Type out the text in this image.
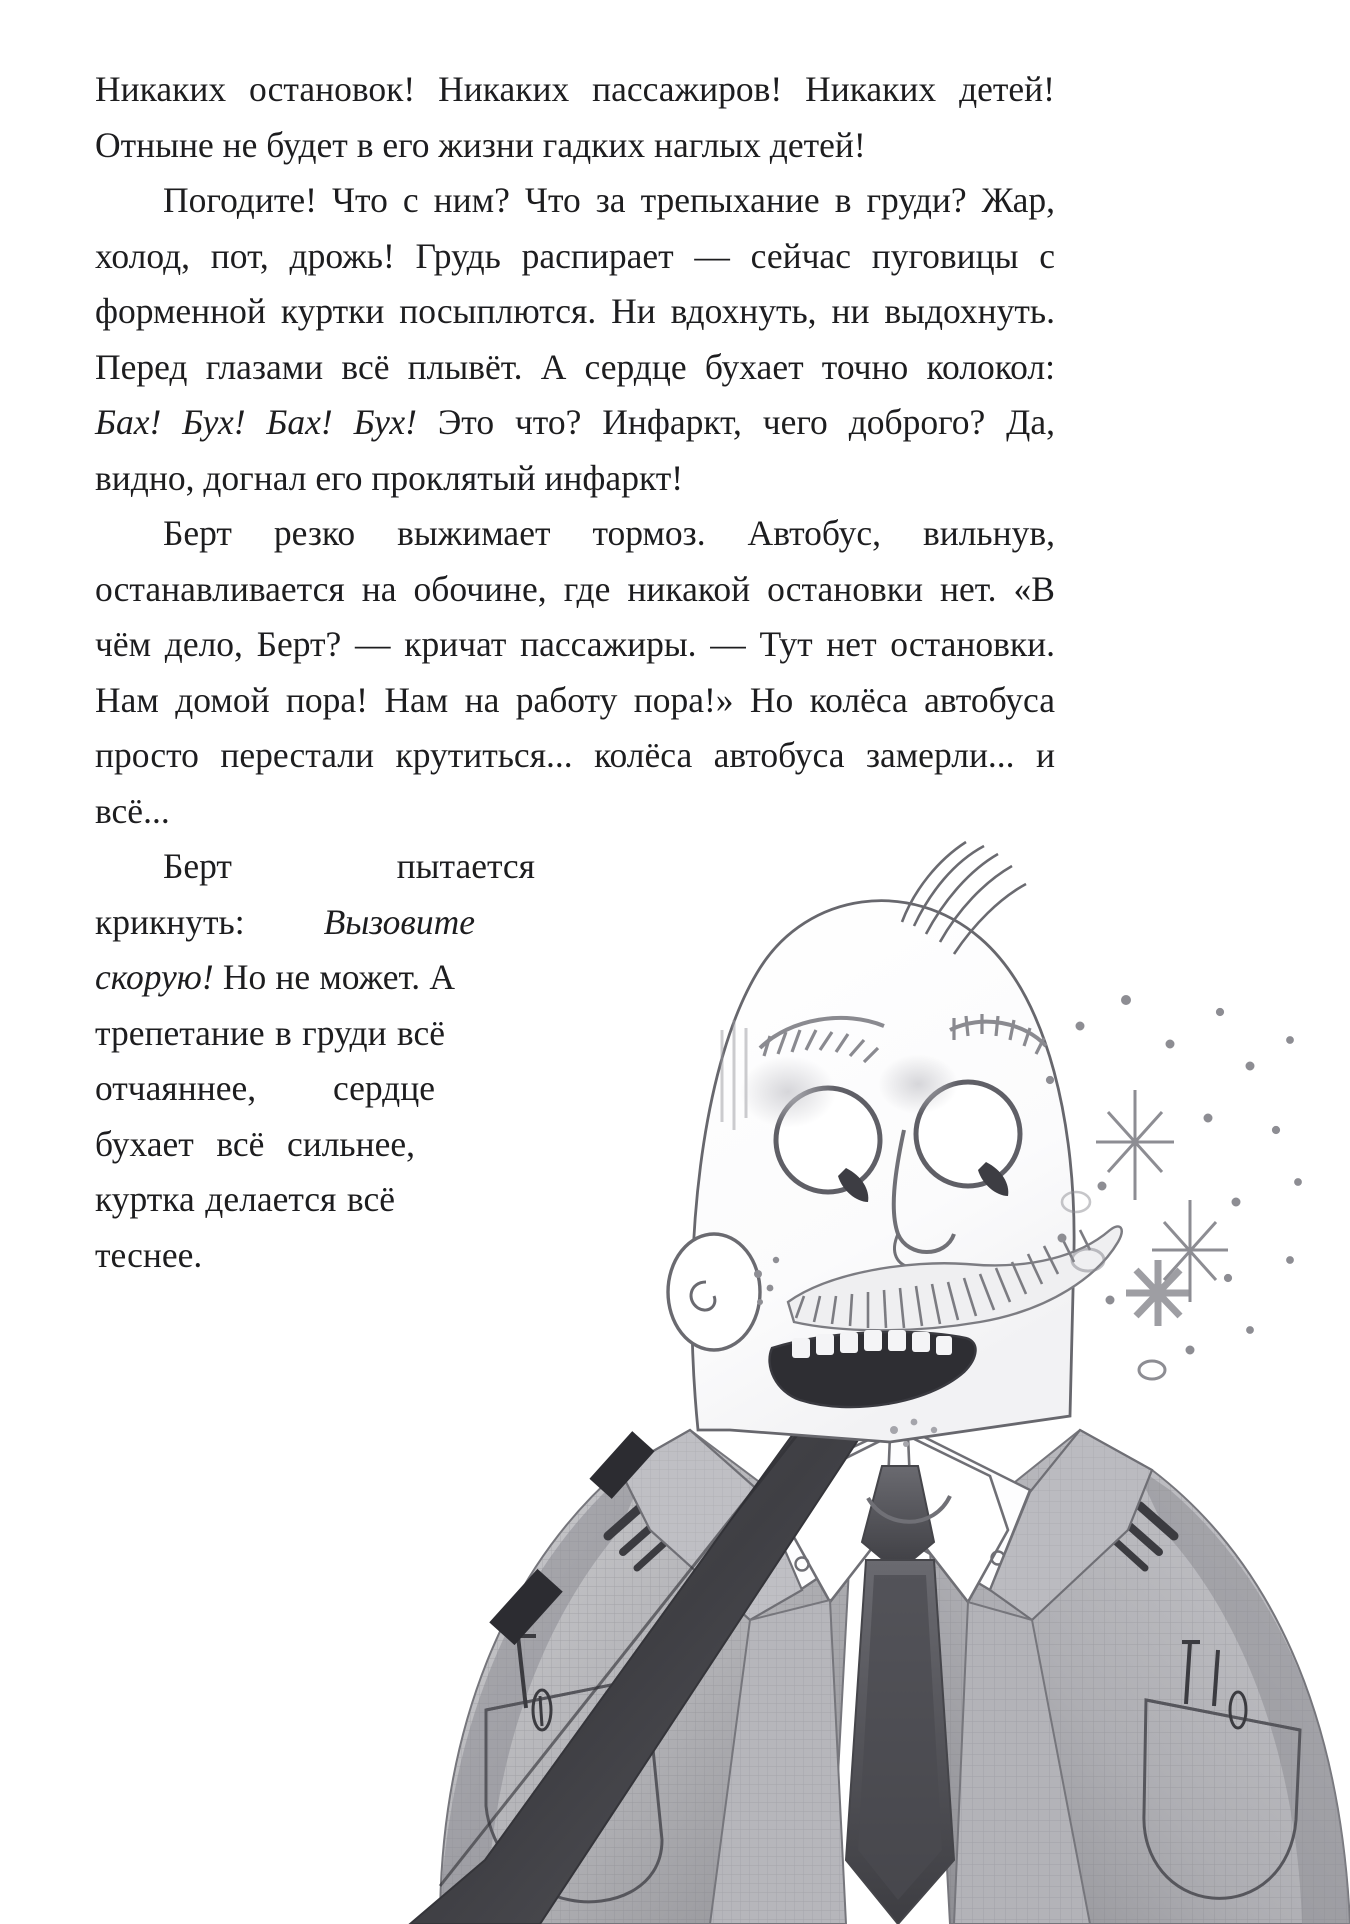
Никаких остановок! Никаких пассажиров! Никаких детей! Отныне не будет в его жизни гадких наглых детей!

Погодите! Что с ним? Что за трепыхание в груди? Жар, холод, пот, дрожь! Грудь распирает — сейчас пуговицы с форменной куртки посыплются. Ни вдохнуть, ни выдохнуть. Перед глазами всё плывёт. А сердце бухает точно колокол: Бах! Бух! Бах! Бух! Это что? Инфаркт, чего доброго? Да, видно, догнал его проклятый инфаркт!

Берт резко выжимает тормоз. Автобус, вильнув, останавливается на обочине, где никакой остановки нет. «В чём дело, Берт? — кричат пассажиры. — Тут нет остановки. Нам домой пора! Нам на работу пора!» Но колёса автобуса просто перестали крутиться... колёса автобуса замерли... и всё...

Берт пытается крикнуть: Вызовите скорую! Но не может. А трепетание в груди всё отчаяннее, сердце бухает всё сильнее, куртка делается всё теснее.
